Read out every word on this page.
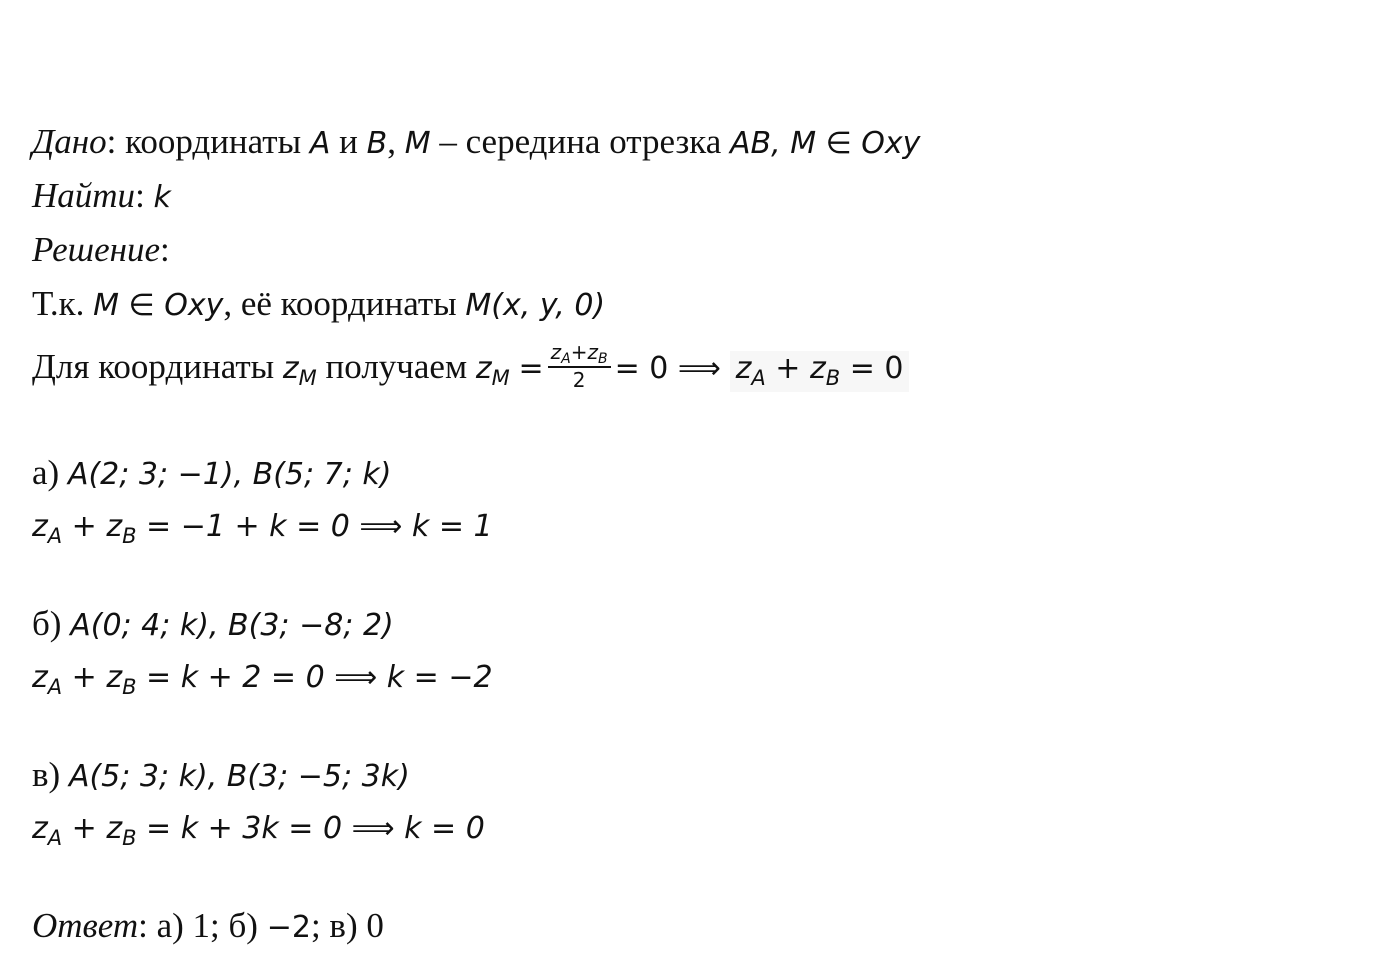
Дано: координаты A и B, M – середина отрезка AB, M ∈ Oxy
Найти: k
Решение:
Т.к. M ∈ Oxy, её координаты M(x, y, 0)
Для координаты $z_M$ получаем $z_M = \frac{z_A+z_B}{2} = 0$ ⟹ $z_A + z_B = 0$
а) A(2; 3; −1), B(5; 7; k)
$z_A + z_B = -1 + k = 0$ ⟹ k = 1
б) A(0; 4; k), B(3; −8; 2)
$z_A + z_B = k + 2 = 0$ ⟹ k = −2
в) A(5; 3; k), B(3; −5; 3k)
$z_A + z_B = k + 3k = 0$ ⟹ k = 0
Ответ: а) 1; б) −2; в) 0
